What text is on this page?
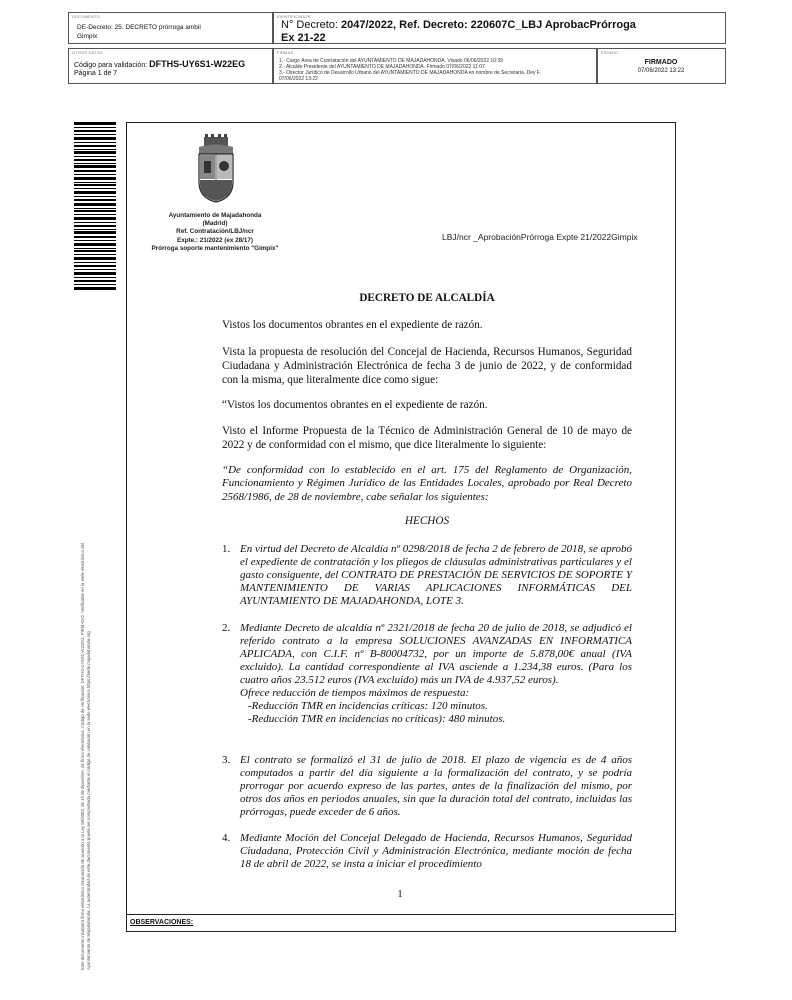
DOCUMENTO
DE-Decreto: 25. DECRETO prórroga ambil
Gimpix
IDENTIFICADOR
N° Decreto: 2047/2022, Ref. Decreto: 220607C_LBJ AprobacPrórroga
Ex 21-22
OTROS DATOS
Código para validación: DFTHS-UY6S1-W22EG
Página 1 de 7
FIRMAS
1.- Cargo Área de Contratación del AYUNTAMIENTO DE MAJADAHONDA. Visado 06/06/2022 10:39
2.- Alcalde Presidente del AYUNTAMIENTO DE MAJADAHONDA. Firmado 07/06/2022 11:07
3.- Director Jurídico de Desarrollo Urbano del AYUNTAMIENTO DE MAJADAHONDA en nombre de Secretaria. Dey F.
07/06/2022 13:22
ESTADO
FIRMADO
07/06/2022 13:22
Este documento incorpora firma electrónica reconocida de acuerdo a la Ley 59/2003, de 19 de diciembre, de firma electrónica. Código de verificación: DFTHS-UY6S1-W22EG. FIRMADO. Verificable en la sede electrónica del Ayuntamiento de Majadahonda. La autenticidad de este documento puede ser comprobada mediante el código de validación en la sede electrónica https://sede.majadahonda.org
Ayuntamiento de Majadahonda
(Madrid)
Ref. Contratación/LBJ/ncr
Expte.: 21/2022 (ex 28/17)
Prórroga soporte mantenimiento "Gimpix"
LBJ/ncr _AprobaciónPrórroga Expte 21/2022Gimpix
DECRETO DE ALCALDÍA
Vistos los documentos obrantes en el expediente de razón.
Vista la propuesta de resolución del Concejal de Hacienda, Recursos Humanos, Seguridad Ciudadana y Administración Electrónica de fecha 3 de junio de 2022, y de conformidad con la misma, que literalmente dice como sigue:
“Vistos los documentos obrantes en el expediente de razón.
Visto el Informe Propuesta de la Técnico de Administración General de 10 de mayo de 2022 y de conformidad con el mismo, que dice literalmente lo siguiente:
“De conformidad con lo establecido en el art. 175 del Reglamento de Organización, Funcionamiento y Régimen Jurídico de las Entidades Locales, aprobado por Real Decreto 2568/1986, de 28 de noviembre, cabe señalar los siguientes:
HECHOS
1. En virtud del Decreto de Alcaldía nº 0298/2018 de fecha 2 de febrero de 2018, se aprobó el expediente de contratación y los pliegos de cláusulas administrativas particulares y el gasto consiguente, del CONTRATO DE PRESTACIÓN DE SERVICIOS DE SOPORTE Y MANTENIMIENTO DE VARIAS APLICACIONES INFORMÁTICAS DEL AYUNTAMIENTO DE MAJADAHONDA, LOTE 3.
2. Mediante Decreto de alcaldía nº 2321/2018 de fecha 20 de julio de 2018, se adjudicó el referido contrato a la empresa SOLUCIONES AVANZADAS EN INFORMATICA APLICADA, con C.I.F. nº B-80004732, por un importe de 5.878,00€ anual (IVA excluido). La cantidad correspondiente al IVA asciende a 1.234,38 euros. (Para los cuatro años 23.512 euros (IVA excluido) más un IVA de 4.937,52 euros).
Ofrece reducción de tiempos máximos de respuesta:
-Reducción TMR en incidencias críticas: 120 minutos.
-Reducción TMR en incidencias no críticas): 480 minutos.
3. El contrato se formalizó el 31 de julio de 2018. El plazo de vigencia es de 4 años computados a partir del día siguiente a la formalización del contrato, y se podría prorrogar por acuerdo expreso de las partes, antes de la finalización del mismo, por otros dos años en periodos anuales, sin que la duración total del contrato, incluidas las prórrogas, puede exceder de 6 años.
4. Mediante Moción del Concejal Delegado de Hacienda, Recursos Humanos, Seguridad Ciudadana, Protección Civil y Administración Electrónica, mediante moción de fecha 18 de abril de 2022, se insta a iniciar el procedimiento
1
OBSERVACIONES:
